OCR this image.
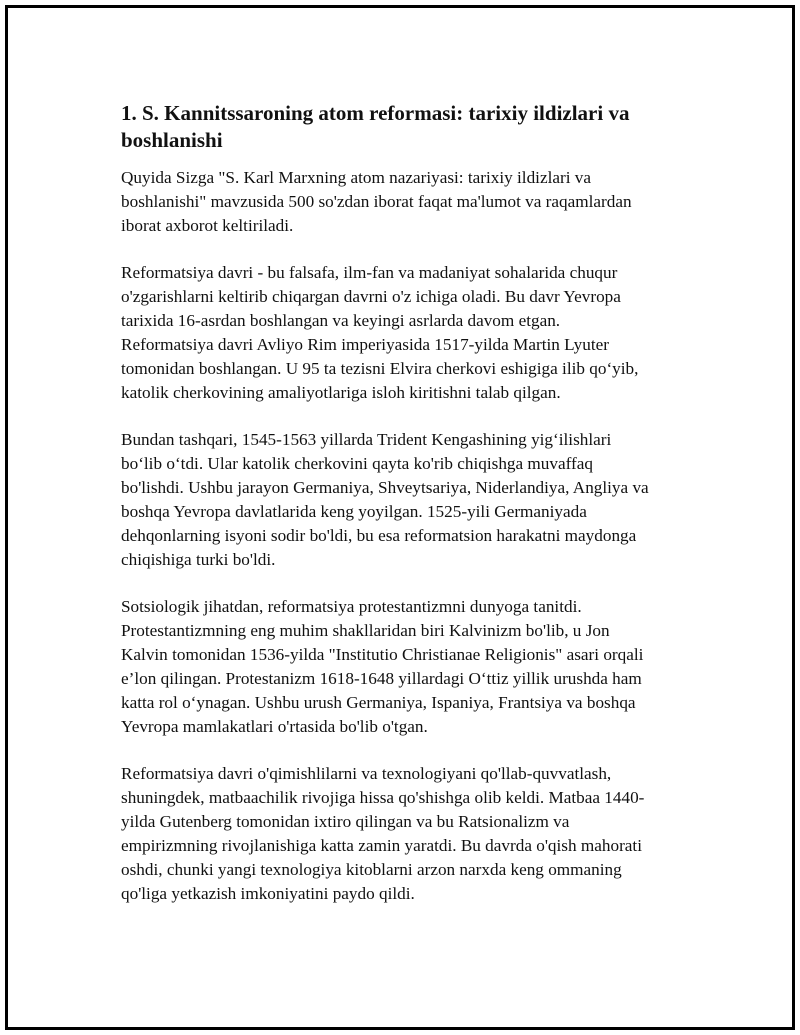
1. S. Kannitssaroning atom reformasi: tarixiy ildizlari va
boshlanishi
Quyida Sizga "S. Karl Marxning atom nazariyasi: tarixiy ildizlari va
boshlanishi" mavzusida 500 so'zdan iborat faqat ma'lumot va raqamlardan
iborat axborot keltiriladi.
Reformatsiya davri - bu falsafa, ilm-fan va madaniyat sohalarida chuqur
o'zgarishlarni keltirib chiqargan davrni o'z ichiga oladi. Bu davr Yevropa
tarixida 16-asrdan boshlangan va keyingi asrlarda davom etgan.
Reformatsiya davri Avliyo Rim imperiyasida 1517-yilda Martin Lyuter
tomonidan boshlangan. U 95 ta tezisni Elvira cherkovi eshigiga ilib qo‘yib,
katolik cherkovining amaliyotlariga isloh kiritishni talab qilgan.
Bundan tashqari, 1545-1563 yillarda Trident Kengashining yig‘ilishlari
bo‘lib o‘tdi. Ular katolik cherkovini qayta ko'rib chiqishga muvaffaq
bo'lishdi. Ushbu jarayon Germaniya, Shveytsariya, Niderlandiya, Angliya va
boshqa Yevropa davlatlarida keng yoyilgan. 1525-yili Germaniyada
dehqonlarning isyoni sodir bo'ldi, bu esa reformatsion harakatni maydonga
chiqishiga turki bo'ldi.
Sotsiologik jihatdan, reformatsiya protestantizmni dunyoga tanitdi.
Protestantizmning eng muhim shakllaridan biri Kalvinizm bo'lib, u Jon
Kalvin tomonidan 1536-yilda "Institutio Christianae Religionis" asari orqali
e’lon qilingan. Protestanizm 1618-1648 yillardagi O‘ttiz yillik urushda ham
katta rol o‘ynagan. Ushbu urush Germaniya, Ispaniya, Frantsiya va boshqa
Yevropa mamlakatlari o'rtasida bo'lib o'tgan.
Reformatsiya davri o'qimishlilarni va texnologiyani qo'llab-quvvatlash,
shuningdek, matbaachilik rivojiga hissa qo'shishga olib keldi. Matbaa 1440-
yilda Gutenberg tomonidan ixtiro qilingan va bu Ratsionalizm va
empirizmning rivojlanishiga katta zamin yaratdi. Bu davrda o'qish mahorati
oshdi, chunki yangi texnologiya kitoblarni arzon narxda keng ommaning
qo'liga yetkazish imkoniyatini paydo qildi.
